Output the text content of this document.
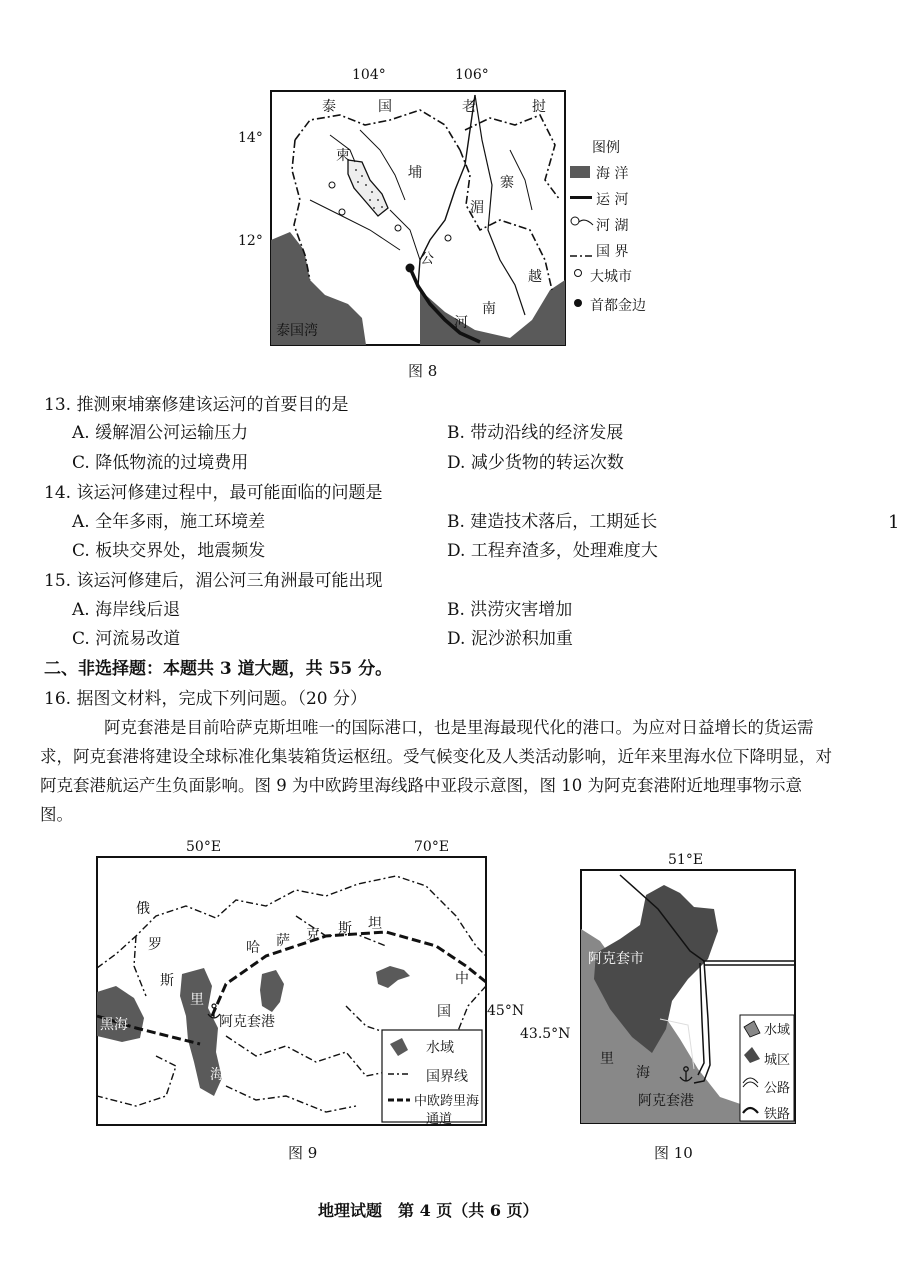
104°	106°
14°
12°
泰	国	老	挝
柬
埔
寨
湄
公
河
越
南
泰国湾
图例
海 洋
运 河
河 湖
国 界
大城市
首都金边
图 8
13. 推测柬埔寨修建该运河的首要目的是
A. 缓解湄公河运输压力	B. 带动沿线的经济发展
C. 降低物流的过境费用	D. 减少货物的转运次数
14. 该运河修建过程中，最可能面临的问题是
A. 全年多雨，施工环境差	B. 建造技术落后，工期延长
C. 板块交界处，地震频发	D. 工程弃渣多，处理难度大
1
15. 该运河修建后，湄公河三角洲最可能出现
A. 海岸线后退	B. 洪涝灾害增加
C. 河流易改道	D. 泥沙淤积加重
二、非选择题：本题共 3 道大题，共 55 分。
16. 据图文材料，完成下列问题。（20 分）
阿克套港是目前哈萨克斯坦唯一的国际港口，也是里海最现代化的港口。为应对日益增长的货运需求，阿克套港将建设全球标准化集装箱货运枢纽。受气候变化及人类活动影响，近年来里海水位下降明显，对阿克套港航运产生负面影响。图 9 为中欧跨里海线路中亚段示意图，图 10 为阿克套港附近地理事物示意图。
50°E	70°E
45°N
俄
罗
斯
哈 萨 克 斯 坦
中
国
黑海
里
海
阿克套港
水域
国界线
中欧跨里海
通道
图 9
51°E
43.5°N
阿克套市
里
海
阿克套港
水域
城区
公路
铁路
图 10
地理试题　第 4 页（共 6 页）
